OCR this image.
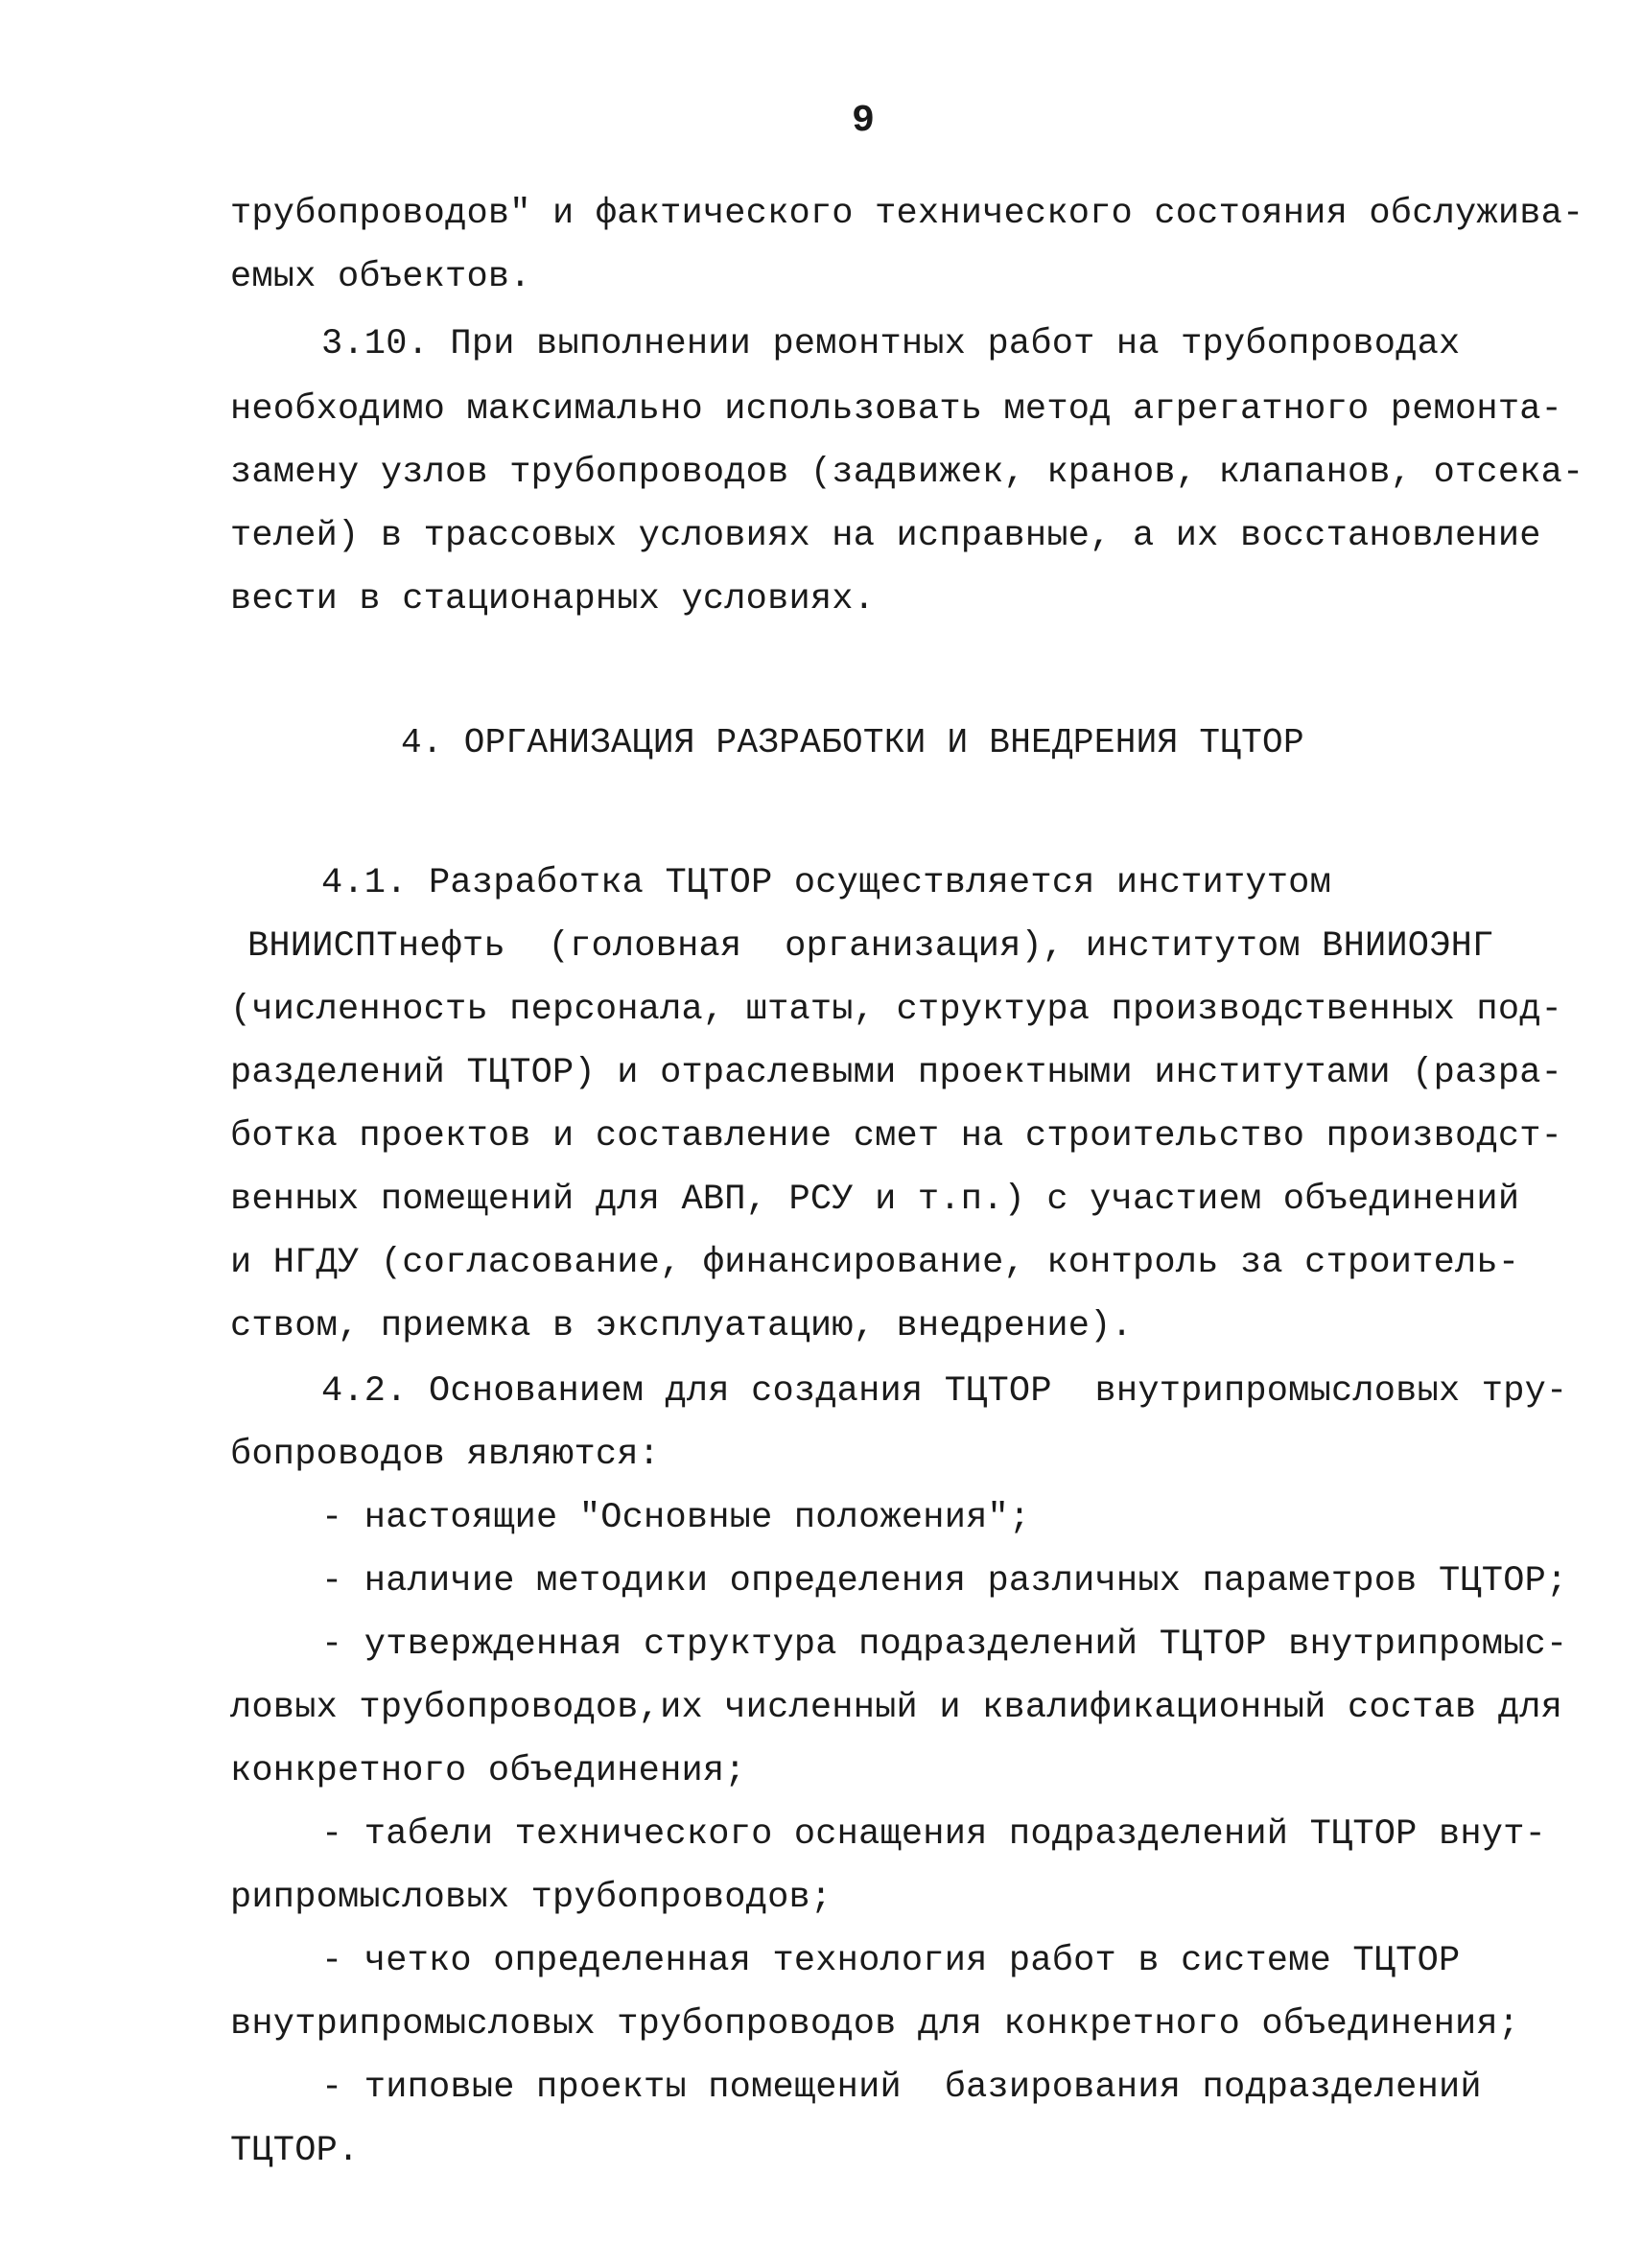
9
трубопроводов" и фактического технического состояния обслужива-
емых объектов.
3.10. При выполнении ремонтных работ на трубопроводах
необходимо максимально использовать метод агрегатного ремонта-
замену узлов трубопроводов (задвижек, кранов, клапанов, отсека-
телей) в трассовых условиях на исправные, а их восстановление
вести в стационарных условиях.
4. ОРГАНИЗАЦИЯ РАЗРАБОТКИ И ВНЕДРЕНИЯ ТЦТОР
4.1. Разработка ТЦТОР осуществляется институтом
ВНИИСПТнефть  (головная  организация), институтом ВНИИОЭНГ
(численность персонала, штаты, структура производственных под-
разделений ТЦТОР) и отраслевыми проектными институтами (разра-
ботка проектов и составление смет на строительство производст-
венных помещений для АВП, РСУ и т.п.) с участием объединений
и НГДУ (согласование, финансирование, контроль за строитель-
ством, приемка в эксплуатацию, внедрение).
4.2. Основанием для создания ТЦТОР  внутрипромысловых тру-
бопроводов являются:
- настоящие "Основные положения";
- наличие методики определения различных параметров ТЦТОР;
- утвержденная структура подразделений ТЦТОР внутрипромыс-
ловых трубопроводов,их численный и квалификационный состав для
конкретного объединения;
- табели технического оснащения подразделений ТЦТОР внут-
рипромысловых трубопроводов;
- четко определенная технология работ в системе ТЦТОР
внутрипромысловых трубопроводов для конкретного объединения;
- типовые проекты помещений  базирования подразделений
ТЦТОР.
